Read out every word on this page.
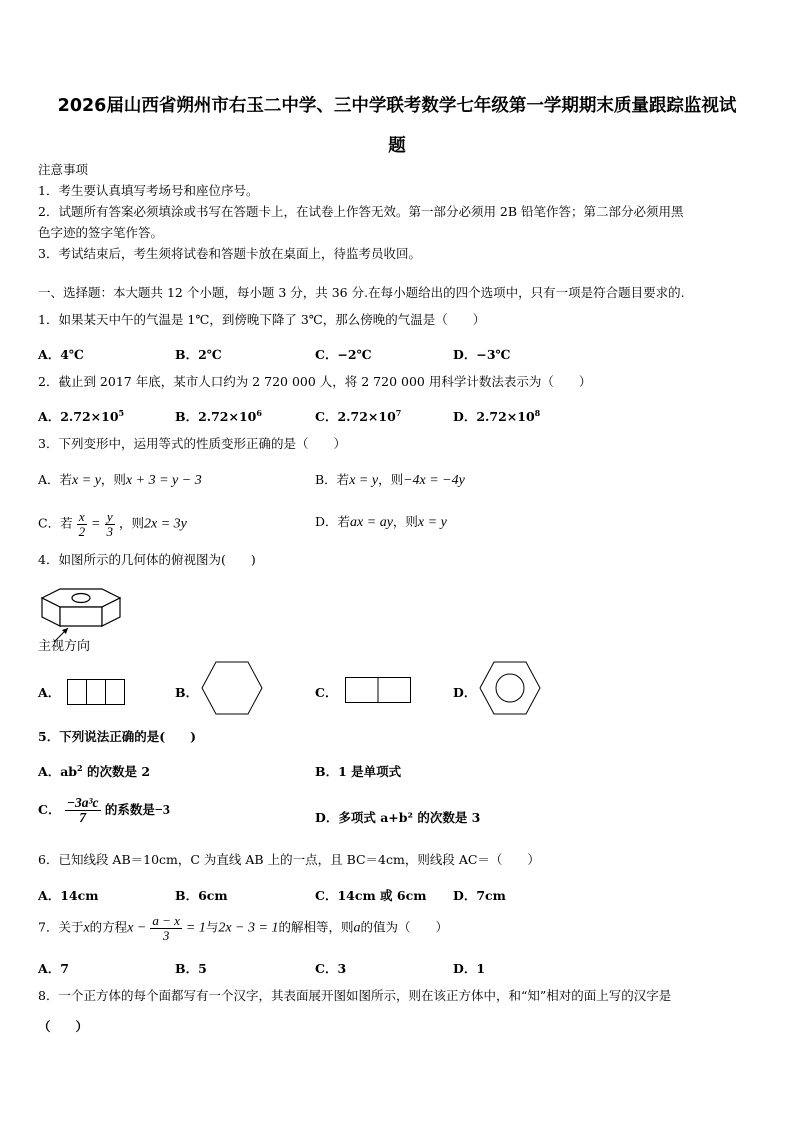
2026届山西省朔州市右玉二中学、三中学联考数学七年级第一学期期末质量跟踪监视试
题
注意事项
1．考生要认真填写考场号和座位序号。
2．试题所有答案必须填涂或书写在答题卡上，在试卷上作答无效。第一部分必须用 2B 铅笔作答；第二部分必须用黑
色字迹的签字笔作答。
3．考试结束后，考生须将试卷和答题卡放在桌面上，待监考员收回。
一、选择题：本大题共 12 个小题，每小题 3 分，共 36 分.在每小题给出的四个选项中，只有一项是符合题目要求的.
1．如果某天中午的气温是 1℃，到傍晚下降了 3℃，那么傍晚的气温是（　　）
A．4℃	B．2℃	C．−2℃	D．−3℃
2．截止到 2017 年底，某市人口约为 2 720 000 人，将 2 720 000 用科学计数法表示为（　　）
A．$2.72\times 10^5$	B．$2.72\times 10^6$	C．$2.72\times 10^7$	D．$2.72\times 10^8$
3．下列变形中，运用等式的性质变形正确的是（　　）
A．若x = y，则x + 3 = y − 3	B．若x = y，则−4x = −4y
C．若 $\frac{x}{2} = \frac{y}{3}$ ，则2x = 3y	D．若ax = ay，则x = y
4．如图所示的几何体的俯视图为(　　)
主视方向
A．	B．	C．	D．
5．下列说法正确的是(　　)
A．$ab^2$ 的次数是 2	B．1 是单项式
C． $\frac{\text{−3a³c}}{7}$ 的系数是−3	D．多项式 a+b² 的次数是 3
6．已知线段 AB＝10cm，C 为直线 AB 上的一点，且 BC＝4cm，则线段 AC＝（　　）
A．14cm	B．6cm	C．14cm 或 6cm D．7cm
7．关于x的方程$x - \frac{a - x}{3} = 1$与2x − 3 = 1的解相等，则a的值为（　　）
A．7	B．5	C．3	D．1
8．一个正方体的每个面都写有一个汉字，其表面展开图如图所示，则在该正方体中，和“知”相对的面上写的汉字是
（　　）
